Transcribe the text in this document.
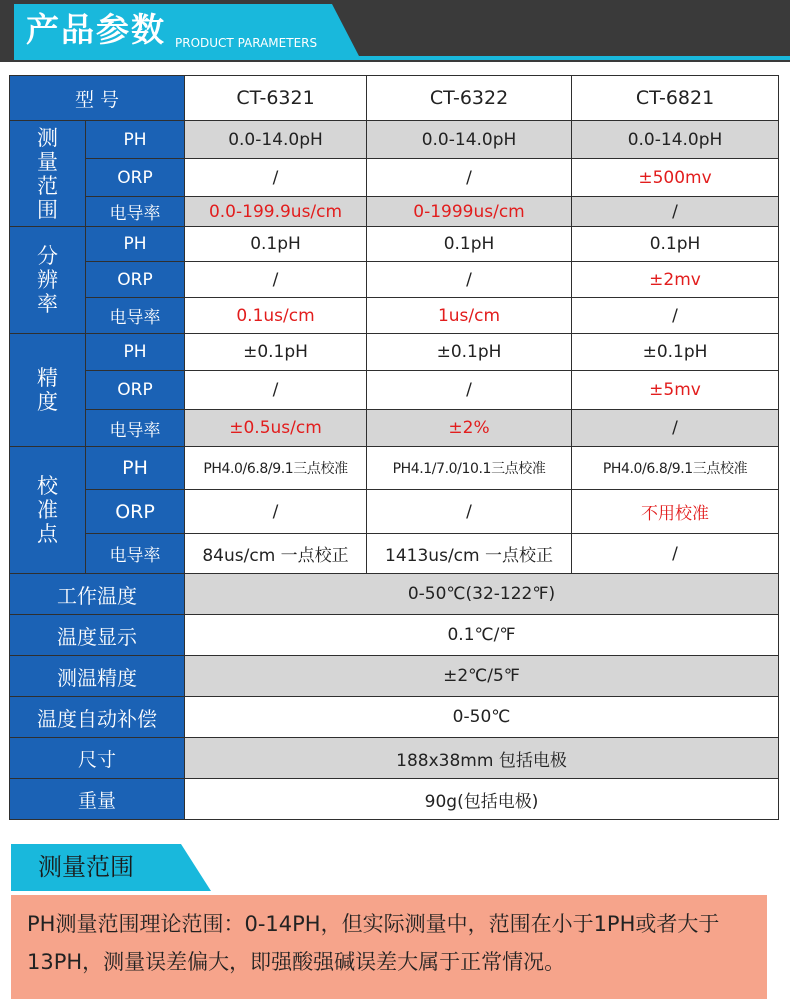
产品参数 PRODUCT PARAMETERS
型 号		CT-6321	CT-6322	CT-6821

测
量
范
围	PH	0.0-14.0pH	0.0-14.0pH	0.0-14.0pH
	ORP	/	/	±500mv
	电导率	0.0-199.9us/cm	0-1999us/cm	/

分
辨
率	PH	0.1pH	0.1pH	0.1pH
	ORP	/	/	±2mv
	电导率	0.1us/cm	1us/cm	/

精
度	PH	±0.1pH	±0.1pH	±0.1pH
	ORP	/	/	±5mv
	电导率	±0.5us/cm	±2%	/

校
准
点	PH	PH4.0/6.8/9.1三点校准	PH4.1/7.0/10.1三点校准	PH4.0/6.8/9.1三点校准
	ORP	/	/	不用校准
	电导率	84us/cm 一点校正	1413us/cm 一点校正	/
工作温度		0-50℃(32-122℉)		
温度显示		0.1℃/℉		
测温精度		±2℃/5℉		
温度自动补偿		0-50℃		
尺寸		188x38mm 包括电极		
重量		90g(包括电极)		
测量范围
PH测量范围理论范围：0-14PH，但实际测量中，范围在小于1PH或者大于13PH，测量误差偏大，即强酸强碱误差大属于正常情况。
